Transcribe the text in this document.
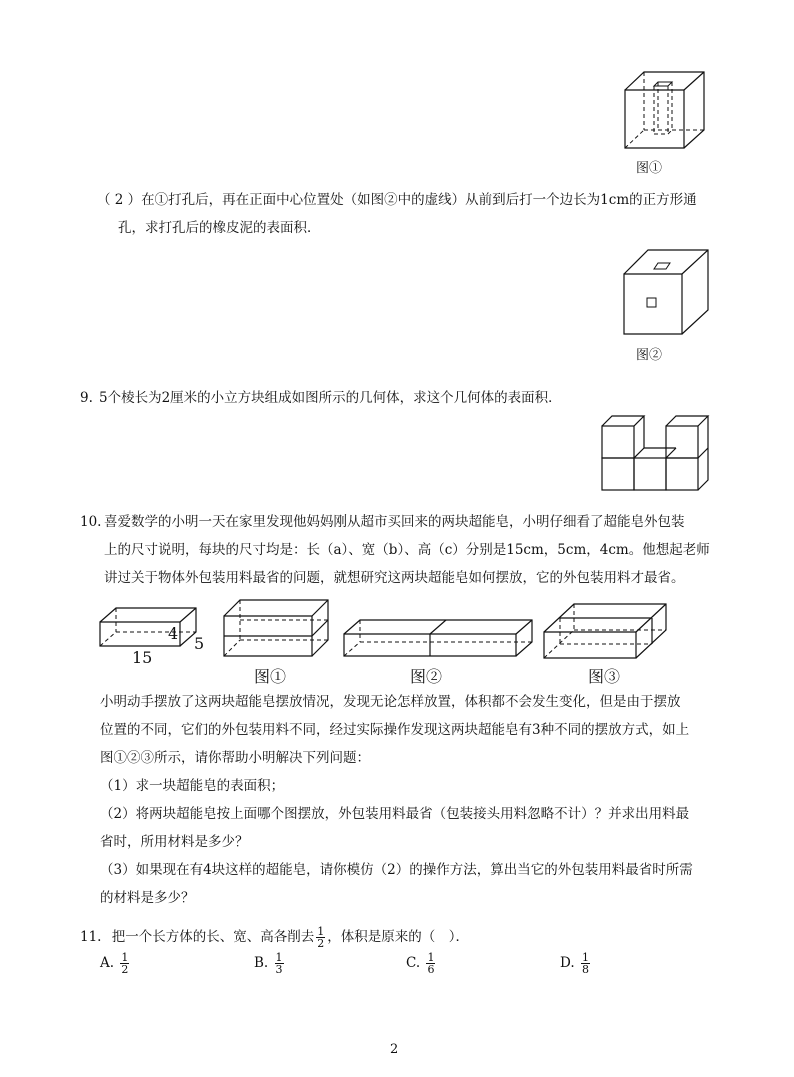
图①
（ 2 ）在①打孔后，再在正面中心位置处（如图②中的虚线）从前到后打一个边长为1cm的正方形通
孔，求打孔后的橡皮泥的表面积．
图②
9. 5个棱长为2厘米的小立方块组成如图所示的几何体，求这个几何体的表面积．
10. 喜爱数学的小明一天在家里发现他妈妈刚从超市买回来的两块超能皂，小明仔细看了超能皂外包装
上的尺寸说明，每块的尺寸均是：长（a）、宽（b）、高（c）分别是15cm，5cm，4cm。他想起老师
讲过关于物体外包装用料最省的问题，就想研究这两块超能皂如何摆放，它的外包装用料才最省。
15
4
5
图①	图②	图③
小明动手摆放了这两块超能皂摆放情况，发现无论怎样放置，体积都不会发生变化，但是由于摆放
位置的不同，它们的外包装用料不同，经过实际操作发现这两块超能皂有3种不同的摆放方式，如上
图①②③所示，请你帮助小明解决下列问题：
（1）求一块超能皂的表面积；
（2）将两块超能皂按上面哪个图摆放，外包装用料最省（包装接头用料忽略不计）？并求出用料最
省时，所用材料是多少？
（3）如果现在有4块这样的超能皂，请你模仿（2）的操作方法，算出当它的外包装用料最省时所需
的材料是多少？
11. 把一个长方体的长、宽、高各削去 $\frac{1}{2}$ ，体积是原来的（　）．
A. $\frac{1}{2}$	B. $\frac{1}{3}$	C. $\frac{1}{6}$	D. $\frac{1}{8}$
2
